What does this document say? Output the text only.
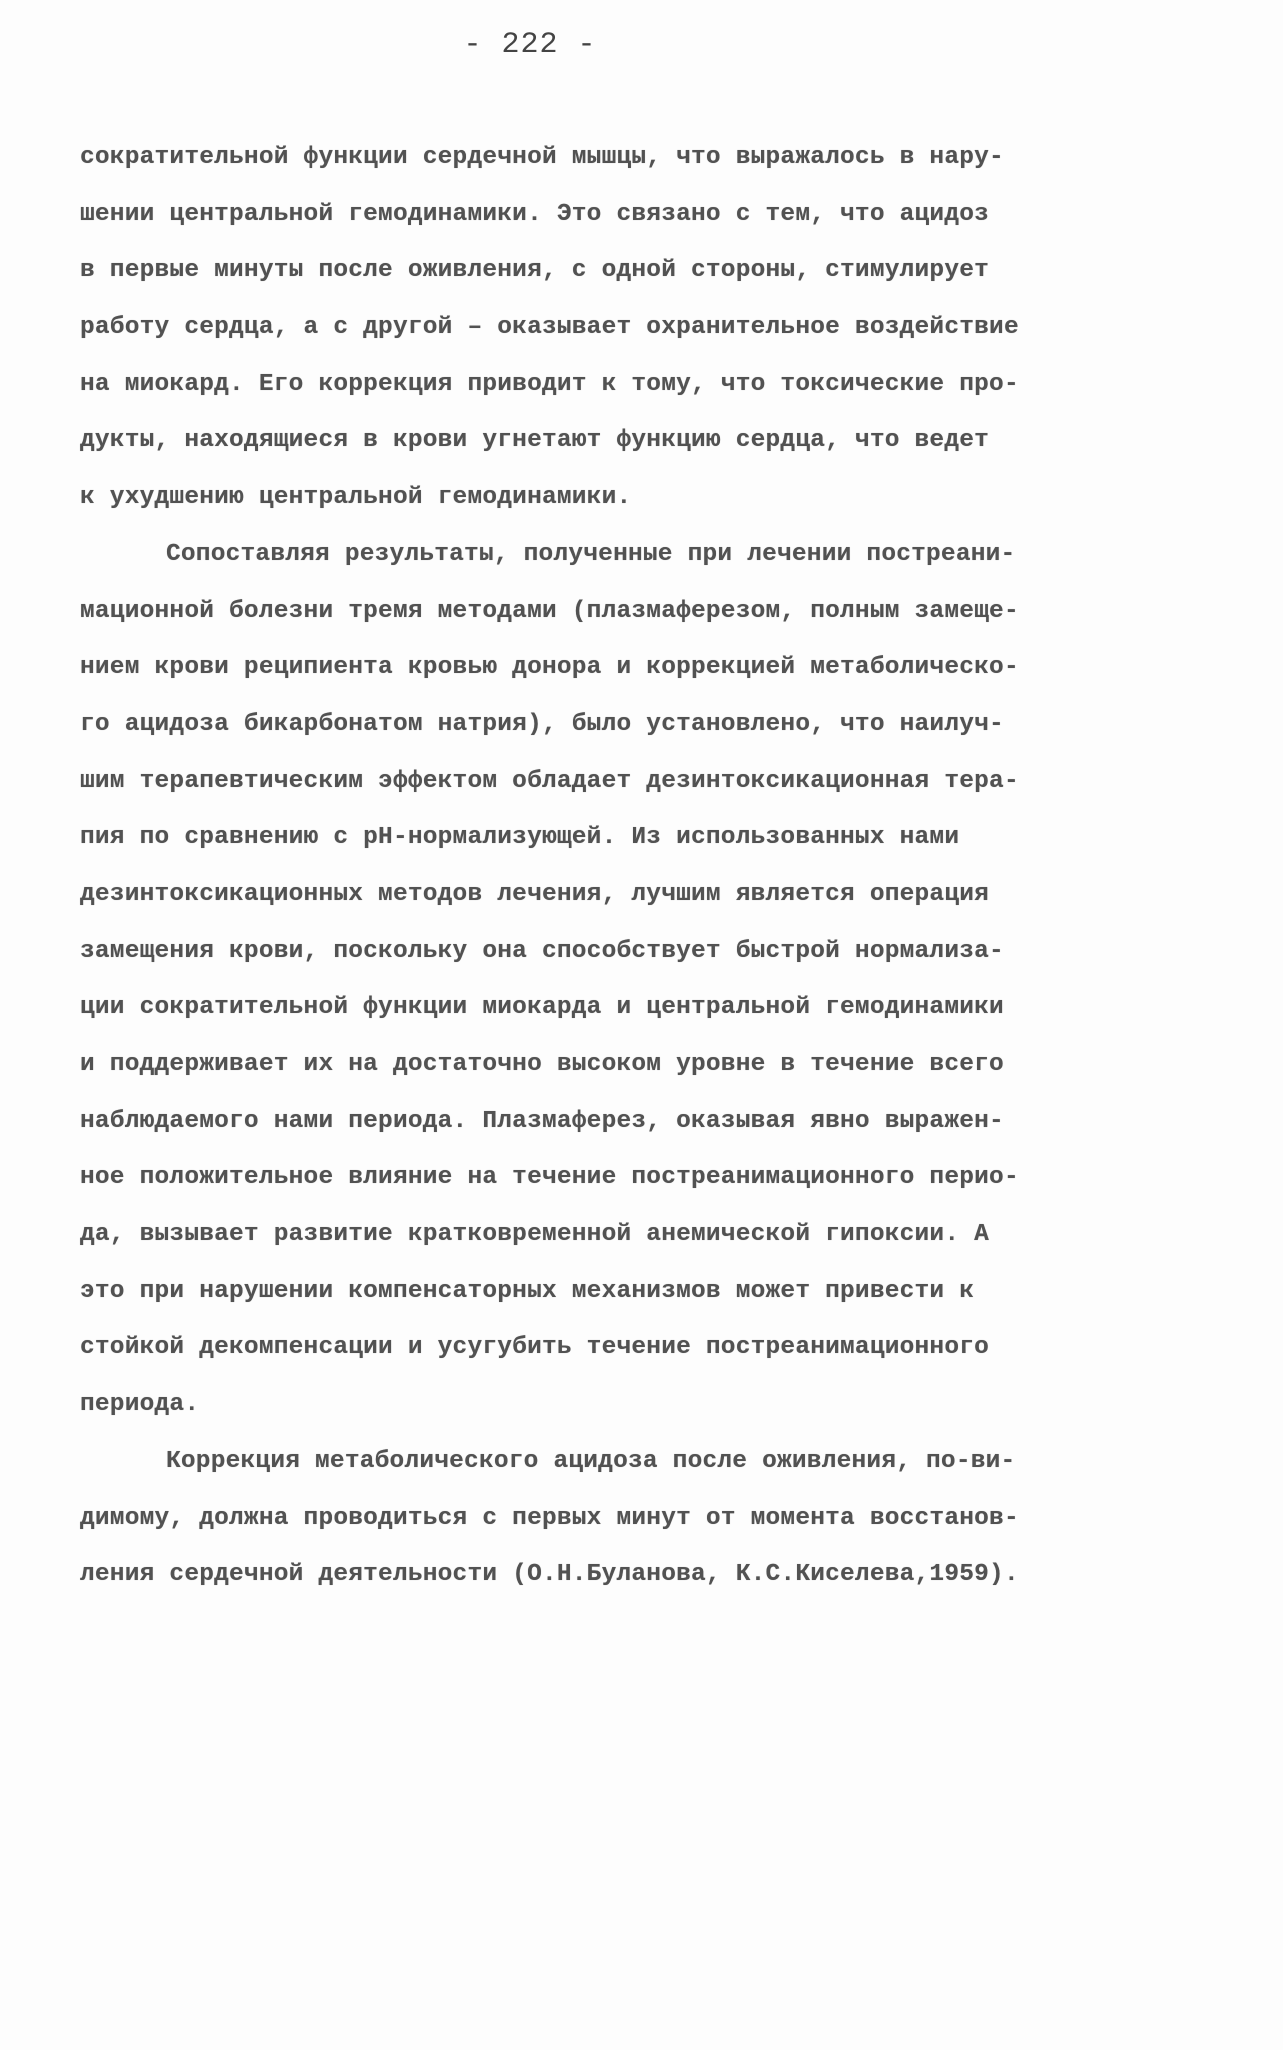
- 222 -
сократительной функции сердечной мышцы, что выражалось в нару-
шении центральной гемодинамики. Это связано с тем, что ацидоз
в первые минуты после оживления, с одной стороны, стимулирует
работу сердца, а с другой – оказывает охранительное воздействие
на миокард. Его коррекция приводит к тому, что токсические про-
дукты, находящиеся в крови угнетают функцию сердца, что ведет
к ухудшению центральной гемодинамики.
Сопоставляя результаты, полученные при лечении постреани-
мационной болезни тремя методами (плазмаферезом, полным замеще-
нием крови реципиента кровью донора и коррекцией метаболическо-
го ацидоза бикарбонатом натрия), было установлено, что наилуч-
шим терапевтическим эффектом обладает дезинтоксикационная тера-
пия по сравнению с рН-нормализующей. Из использованных нами
дезинтоксикационных методов лечения, лучшим является операция
замещения крови, поскольку она способствует быстрой нормализа-
ции сократительной функции миокарда и центральной гемодинамики
и поддерживает их на достаточно высоком уровне в течение всего
наблюдаемого нами периода. Плазмаферез, оказывая явно выражен-
ное положительное влияние на течение постреанимационного перио-
да, вызывает развитие кратковременной анемической гипоксии. А
это при нарушении компенсаторных механизмов может привести к
стойкой декомпенсации и усугубить течение постреанимационного
периода.
Коррекция метаболического ацидоза после оживления, по-ви-
димому, должна проводиться с первых минут от момента восстанов-
ления сердечной деятельности (О.Н.Буланова, К.С.Киселева,1959).
